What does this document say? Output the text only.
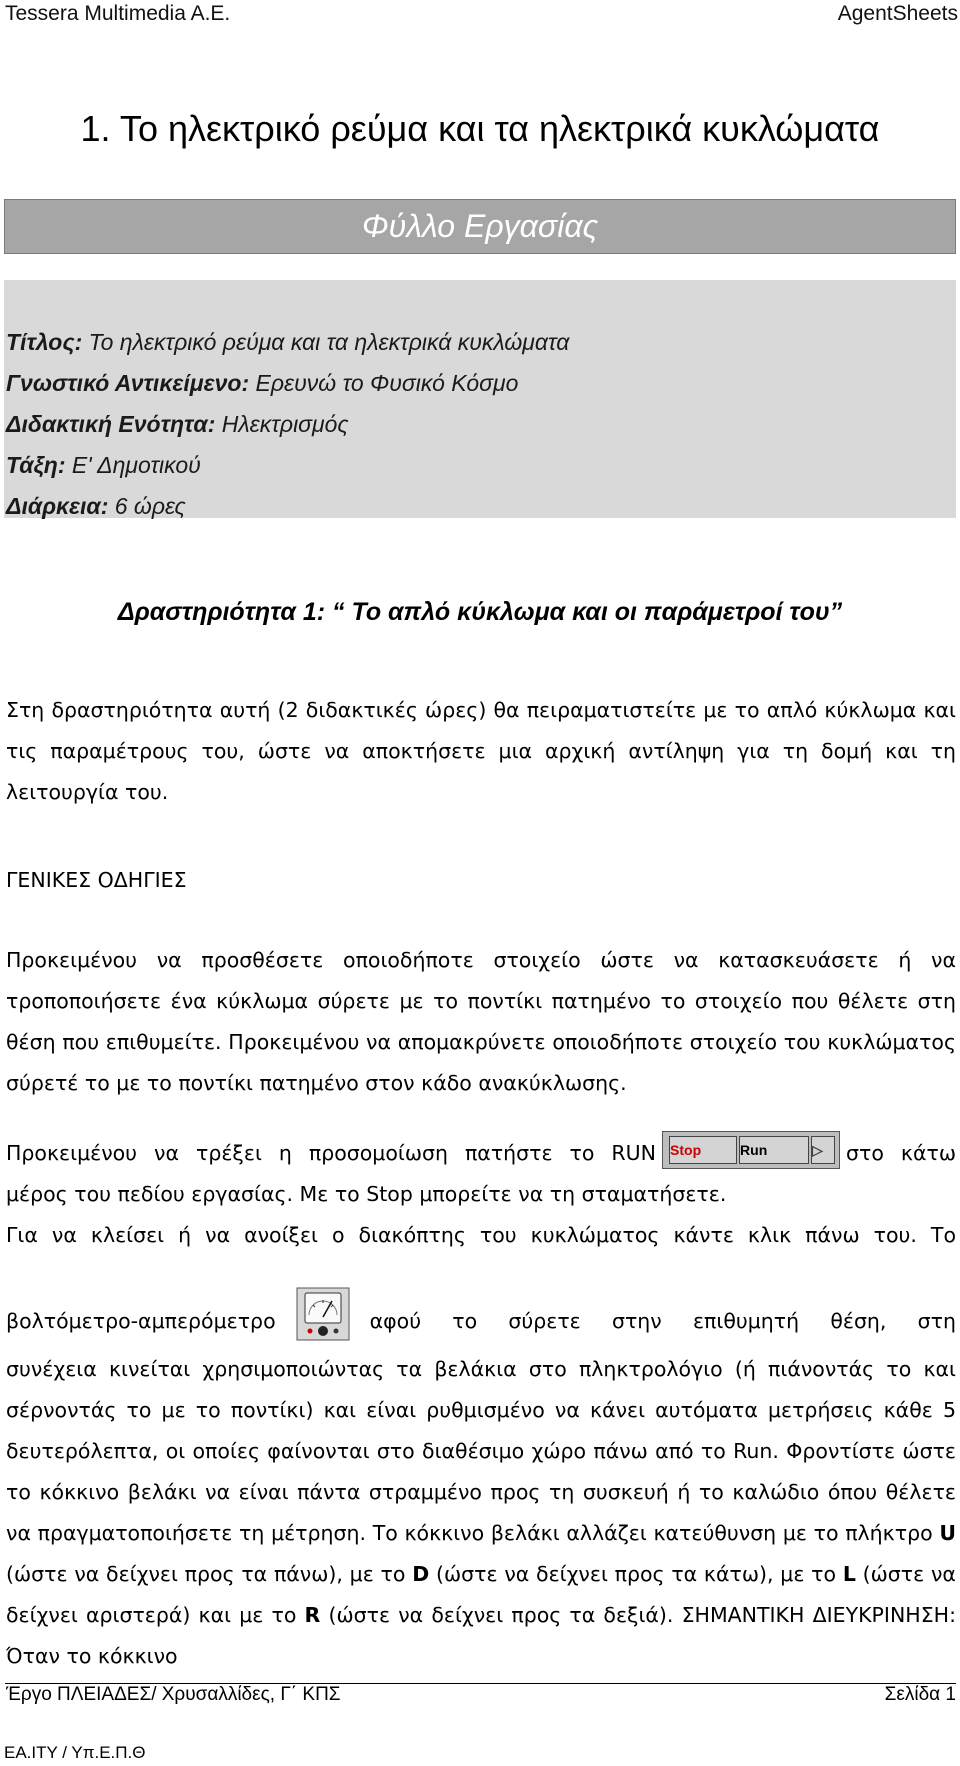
Tessera Multimedia A.E.	AgentSheets
1. Το ηλεκτρικό ρεύμα και τα ηλεκτρικά κυκλώματα
Φύλλο Εργασίας
Τίτλος: Το ηλεκτρικό ρεύμα και τα ηλεκτρικά κυκλώματα
Γνωστικό Αντικείμενο: Ερευνώ το Φυσικό Κόσμο
Διδακτική Ενότητα: Ηλεκτρισμός
Τάξη: Ε' Δημοτικού
Διάρκεια: 6 ώρες
Δραστηριότητα 1: “ Το απλό κύκλωμα και οι παράμετροί του”

Στη δραστηριότητα αυτή (2 διδακτικές ώρες) θα πειραματιστείτε με το απλό κύκλωμα και τις παραμέτρους του, ώστε να αποκτήσετε μια αρχική αντίληψη για τη δομή και τη λειτουργία του.

ΓΕΝΙΚΕΣ ΟΔΗΓΙΕΣ

Προκειμένου να προσθέσετε οποιοδήποτε στοιχείο ώστε να κατασκευάσετε ή να τροποποιήσετε ένα κύκλωμα σύρετε με το ποντίκι πατημένο το στοιχείο που θέλετε στη θέση που επιθυμείτε. Προκειμένου να απομακρύνετε οποιοδήποτε στοιχείο του κυκλώματος σύρετέ το με το ποντίκι πατημένο στον κάδο ανακύκλωσης.

Προκειμένου να τρέξει η προσομοίωση πατήστε το RUN Stop	Run	▷	στο κάτω

μέρος του πεδίου εργασίας. Με το Stop μπορείτε να τη σταματήσετε.

Για να κλείσει ή να ανοίξει ο διακόπτης του κυκλώματος κάντε κλικ πάνω του. Το

βολτόμετρο-αμπερόμετρο	αφού το σύρετε στην επιθυμητή θέση, στη

συνέχεια κινείται χρησιμοποιώντας τα βελάκια στο πληκτρολόγιο (ή πιάνοντάς το και σέρνοντάς το με το ποντίκι) και είναι ρυθμισμένο να κάνει αυτόματα μετρήσεις κάθε 5 δευτερόλεπτα, οι οποίες φαίνονται στο διαθέσιμο χώρο πάνω από το Run. Φροντίστε ώστε το κόκκινο βελάκι να είναι πάντα στραμμένο προς τη συσκευή ή το καλώδιο όπου θέλετε να πραγματοποιήσετε τη μέτρηση. Το κόκκινο βελάκι αλλάζει κατεύθυνση με το πλήκτρο U (ώστε να δείχνει προς τα πάνω), με το D (ώστε να δείχνει προς τα κάτω), με το L (ώστε να δείχνει αριστερά) και με το R (ώστε να δείχνει προς τα δεξιά). ΣΗΜΑΝΤΙΚΗ ΔΙΕΥΚΡΙΝΗΣΗ: Όταν το κόκκινο

Έργο ΠΛΕΙΑΔΕΣ/ Χρυσαλλίδες, Γ΄ ΚΠΣ	Σελίδα 1
ΕΑ.ΙΤΥ / Υπ.Ε.Π.Θ
